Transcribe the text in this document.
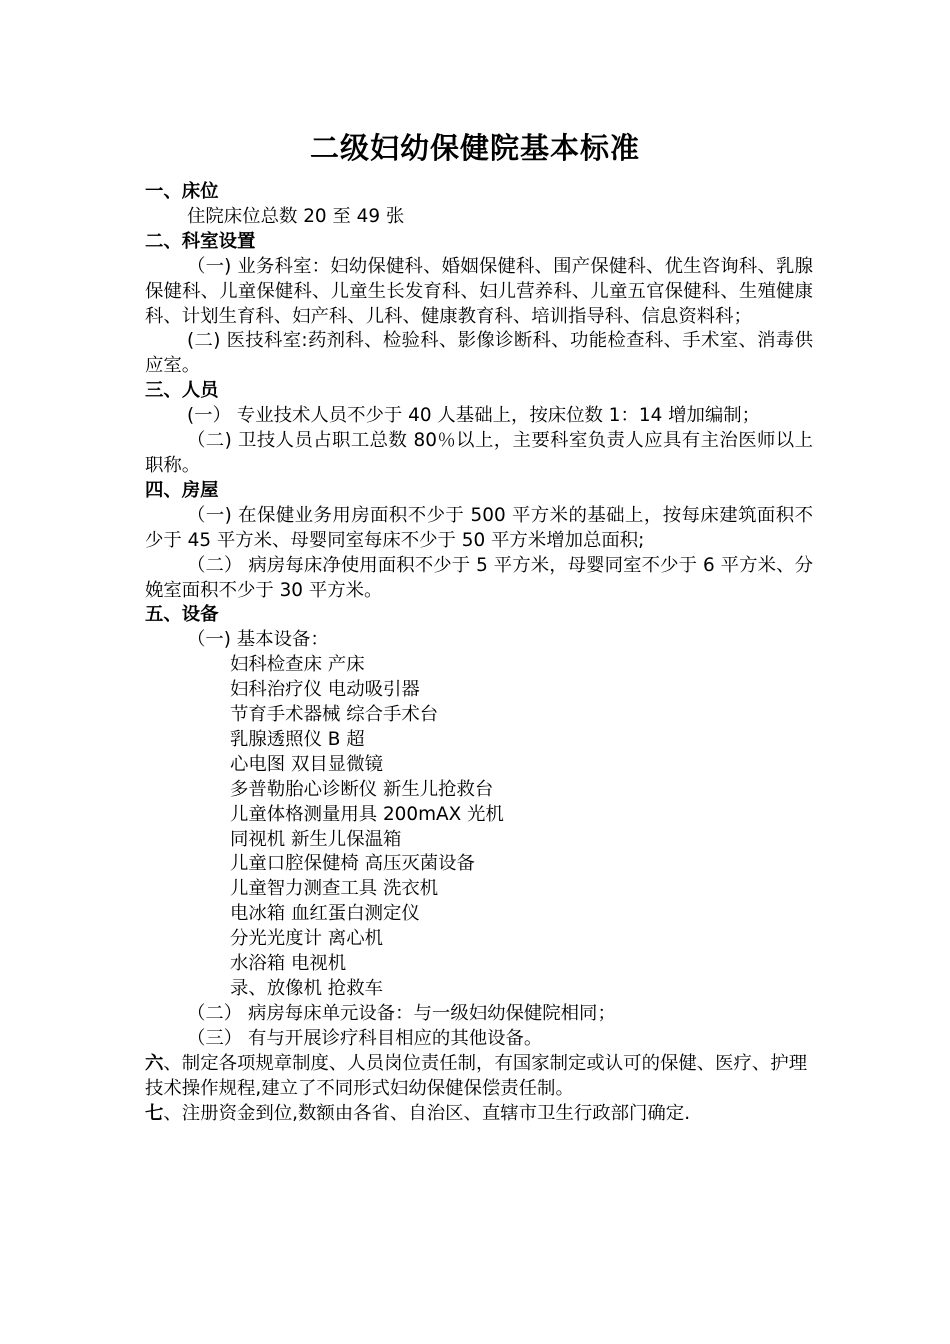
二级妇幼保健院基本标准

一、床位

住院床位总数 20 至 49 张

二、科室设置

（一) 业务科室：妇幼保健科、婚姻保健科、围产保健科、优生咨询科、乳腺保健科、儿童保健科、儿童生长发育科、妇儿营养科、儿童五官保健科、生殖健康科、计划生育科、妇产科、儿科、健康教育科、培训指导科、信息资料科；

(二) 医技科室:药剂科、检验科、影像诊断科、功能检查科、手术室、消毒供应室。

三、人员

(一） 专业技术人员不少于 40 人基础上，按床位数 1：14 增加编制；

（二) 卫技人员占职工总数 80％以上，主要科室负责人应具有主治医师以上职称。

四、房屋

（一) 在保健业务用房面积不少于 500 平方米的基础上，按每床建筑面积不少于 45 平方米、母婴同室每床不少于 50 平方米增加总面积;

（二） 病房每床净使用面积不少于 5 平方米，母婴同室不少于 6 平方米、分娩室面积不少于 30 平方米。

五、设备

（一) 基本设备：

妇科检查床 产床

妇科治疗仪 电动吸引器

节育手术器械 综合手术台

乳腺透照仪 B 超

心电图 双目显微镜

多普勒胎心诊断仪 新生儿抢救台

儿童体格测量用具 200mAX 光机

同视机 新生儿保温箱

儿童口腔保健椅 高压灭菌设备

儿童智力测查工具 洗衣机

电冰箱 血红蛋白测定仪

分光光度计 离心机

水浴箱 电视机

录、放像机 抢救车

（二） 病房每床单元设备：与一级妇幼保健院相同；

（三） 有与开展诊疗科目相应的其他设备。

六、制定各项规章制度、人员岗位责任制，有国家制定或认可的保健、医疗、护理技术操作规程,建立了不同形式妇幼保健保偿责任制。

七、注册资金到位,数额由各省、自治区、直辖市卫生行政部门确定.
